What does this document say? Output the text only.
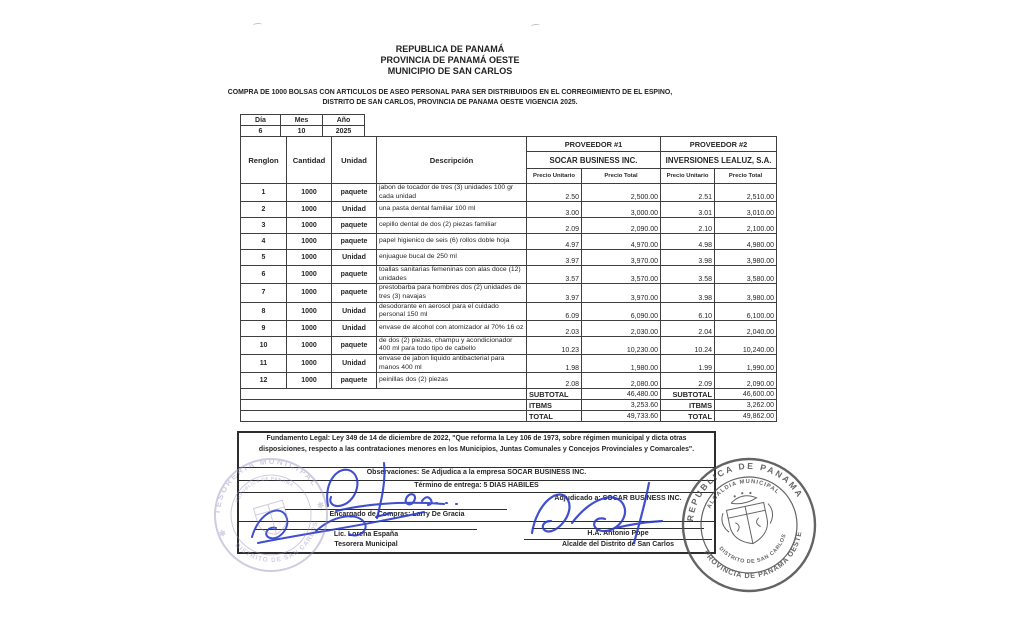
REPUBLICA DE PANAMÁ
PROVINCIA DE PANAMÁ OESTE
MUNICIPIO DE SAN CARLOS
COMPRA DE 1000 BOLSAS CON ARTICULOS DE ASEO PERSONAL PARA SER DISTRIBUIDOS EN EL CORREGIMIENTO DE EL ESPINO,
DISTRITO DE SAN CARLOS, PROVINCIA DE PANAMA OESTE VIGENCIA 2025.
Día	Mes	Año
6	10	2025
Renglon	Cantidad	Unidad	Descripción	PROVEEDOR #1		PROVEEDOR #2	
				SOCAR BUSINESS INC.		INVERSIONES LEALUZ, S.A.	
				Precio Unitario	Precio Total	Precio Unitario	Precio Total
1	1000	paquete	jabon de tocador de tres (3) unidades 100 gr cada unidad	2.50	2,500.00	2.51	2,510.00
2	1000	Unidad	una pasta dental familiar 100 ml	3.00	3,000.00	3.01	3,010.00
3	1000	paquete	cepillo dental de dos (2) piezas familiar	2.09	2,090.00	2.10	2,100.00
4	1000	paquete	papel higienico de seis (6) rollos doble hoja	4.97	4,970.00	4.98	4,980.00
5	1000	Unidad	enjuague bucal de 250 ml	3.97	3,970.00	3.98	3,980.00
6	1000	paquete	toallas sanitarias femeninas con alas doce (12) unidades	3.57	3,570.00	3.58	3,580.00
7	1000	paquete	prestobarba para hombres dos (2) unidades de tres (3) navajas	3.97	3,970.00	3.98	3,980.00
8	1000	Unidad	desodorante en aerosol para el cuidado personal 150 ml	6.09	6,090.00	6.10	6,100.00
9	1000	Unidad	envase de alcohol con atomizador al 70% 16 oz	2.03	2,030.00	2.04	2,040.00
10	1000	paquete	de dos (2) piezas, champu y acondicionador 400 ml para todo tipo de cabello	10.23	10,230.00	10.24	10,240.00
11	1000	Unidad	envase de jabon liquido antibacterial para manos 400 ml	1.98	1,980.00	1.99	1,990.00
12	1000	paquete	peinillas dos (2) piezas	2.08	2,080.00	2.09	2,090.00
				SUBTOTAL	46,480.00	SUBTOTAL	46,600.00
				ITBMS	3,253.60	ITBMS	3,262.00
				TOTAL	49,733.60	TOTAL	49,862.00
Fundamento Legal: Ley 349 de 14 de diciembre de 2022, "Que reforma la Ley 106 de 1973, sobre régimen municipal y dicta otras disposiciones, respecto a las contrataciones menores en los Municipios, Juntas Comunales y Concejos Provinciales y Comarcales".
Observaciones: Se Adjudica a la empresa SOCAR BUSINESS INC.
Término de entrega: 5 DIAS HABILES
Adjudicado a: SOCAR BUSINESS INC.
Encargado de Compras: Larry De Gracia
Lic. Lorena España
Tesorera Municipal
H.A. Antonio Pope
Alcalde del Distrito de San Carlos
TESORERIA MUNICIPAL
DISTRITO DE SAN CARLOS
REPUBLICA DE PANAMA
✻
✻
REPUBLICA DE PANAMA
PROVINCIA DE PANAMA OESTE
ALCALDIA MUNICIPAL
DISTRITO DE SAN CARLOS
